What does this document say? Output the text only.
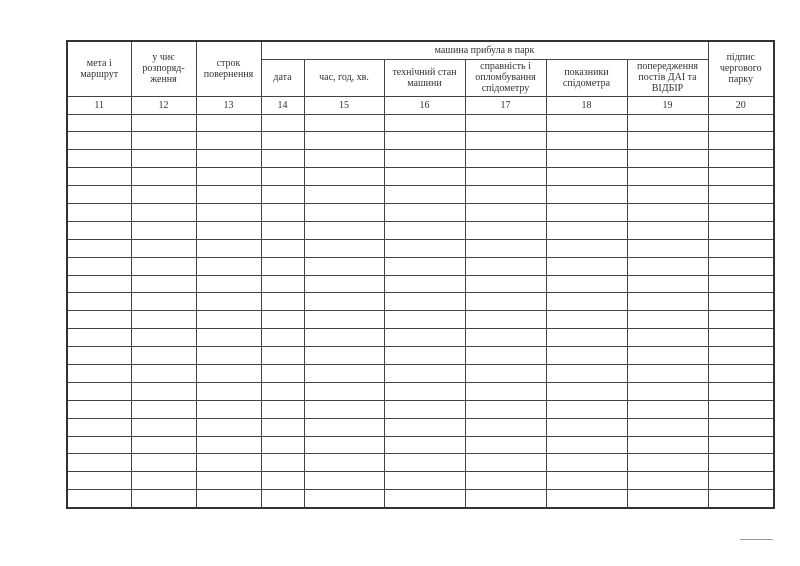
мета і маршрут	у чиє розпоряд-ження	строк повернення	машина прибула в парк						підпис чергового парку
			дата	час, год, хв.	технічний стан машини	справність і опломбування спідометру	показники спідометра	попередження постів ДАІ та ВІДБІР	
11	12	13	14	15	16	17	18	19	20
